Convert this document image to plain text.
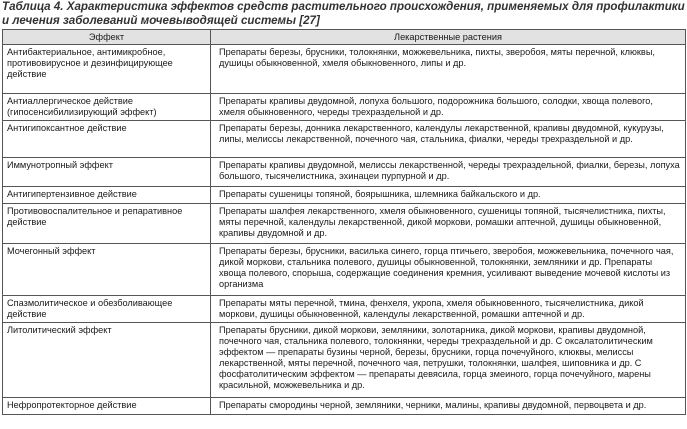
Таблица 4. Характеристика эффектов средств растительного происхождения, применяемых для профилактики и лечения заболеваний мочевыводящей системы [27]
Эффект	Лекарственные растения
Антибактериальное, антимикробное, противовирусное и дезинфицирующее действие	Препараты березы, брусники, толокнянки, можжевельника, пихты, зверобоя, мяты перечной, клюквы, душицы обыкновенной, хмеля обыкновенного, липы и др.
Антиаллергическое действие (гипосенсибилизирующий эффект)	Препараты крапивы двудомной, лопуха большого, подорожника большого, солодки, хвоща полевого, хмеля обыкновенного, череды трехраздельной и др.
Антигипоксантное действие	Препараты березы, донника лекарственного, календулы лекарственной, крапивы двудомной, кукурузы, липы, мелиссы лекарственной, почечного чая, стальника, фиалки, череды трехраздельной и др.
Иммунотропный эффект	Препараты крапивы двудомной, мелиссы лекарственной, череды трехраздельной, фиалки, березы, лопуха большого, тысячелистника, эхинацеи пурпурной и др.
Антигипертензивное действие	Препараты сушеницы топяной, боярышника, шлемника байкальского и др.
Противовоспалительное и репаративное действие	Препараты шалфея лекарственного, хмеля обыкновенного, сушеницы топяной, тысячелистника, пихты, мяты перечной, календулы лекарственной, дикой моркови, ромашки аптечной, душицы обыкновенной, крапивы двудомной и др.
Мочегонный эффект	Препараты березы, брусники, василька синего, горца птичьего, зверобоя, можжевельника, почечного чая, дикой моркови, стальника полевого, душицы обыкновенной, толокнянки, земляники и др. Препараты хвоща полевого, спорыша, содержащие соединения кремния, усиливают выведение мочевой кислоты из организма
Спазмолитическое и обезболивающее действие	Препараты мяты перечной, тмина, фенхеля, укропа, хмеля обыкновенного, тысячелистника, дикой моркови, душицы обыкновенной, календулы лекарственной, ромашки аптечной и др.
Литолитический эффект	Препараты брусники, дикой моркови, земляники, золотарника, дикой моркови, крапивы двудомной, почечного чая, стальника полевого, толокнянки, череды трехраздельной и др. С оксалатолитическим эффектом — препараты бузины черной, березы, брусники, горца почечуйного, клюквы, мелиссы лекарственной, мяты перечной, почечного чая, петрушки, толокнянки, шалфея, шиповника и др. С фосфатолитическим эффектом — препараты девясила, горца змеиного, горца почечуйного, марены красильной, можжевельника и др.
Нефропротекторное действие	Препараты смородины черной, земляники, черники, малины, крапивы двудомной, первоцвета и др.
